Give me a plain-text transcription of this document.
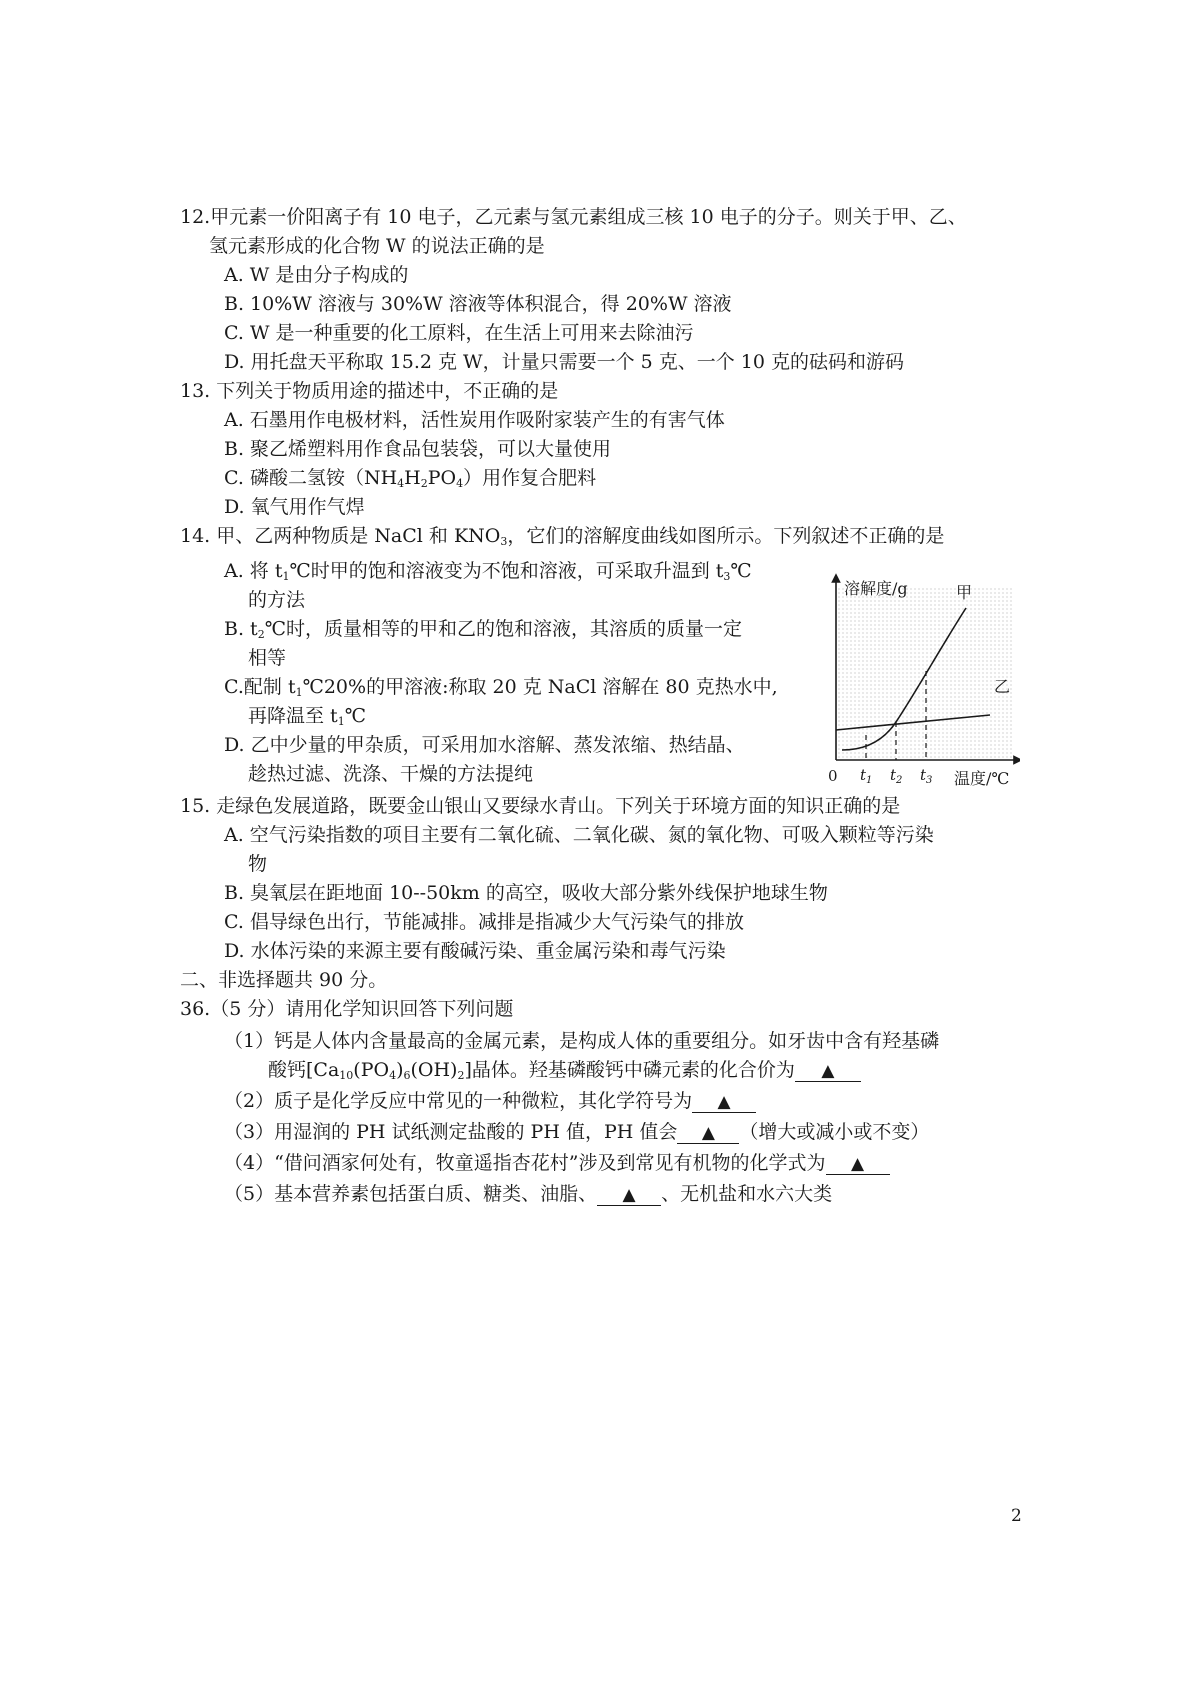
12.甲元素一价阳离子有 10 电子，乙元素与氢元素组成三核 10 电子的分子。则关于甲、乙、
氢元素形成的化合物 W 的说法正确的是
A. W 是由分子构成的
B. 10%W 溶液与 30%W 溶液等体积混合，得 20%W 溶液
C. W 是一种重要的化工原料，在生活上可用来去除油污
D. 用托盘天平称取 15.2 克 W，计量只需要一个 5 克、一个 10 克的砝码和游码
13. 下列关于物质用途的描述中，不正确的是
A. 石墨用作电极材料，活性炭用作吸附家装产生的有害气体
B. 聚乙烯塑料用作食品包装袋，可以大量使用
C. 磷酸二氢铵$(NH_4H_2PO_4)$用作复合肥料
D. 氧气用作气焊
14. 甲、乙两种物质是 NaCl 和 $KNO_3$，它们的溶解度曲线如图所示。下列叙述不正确的是
A. 将 $t_1℃$时甲的饱和溶液变为不饱和溶液，可采取升温到 $t_3℃$
的方法
B. $t_2℃$时，质量相等的甲和乙的饱和溶液，其溶质的质量一定
相等
C.配制 $t_1℃20\%$的甲溶液:称取 20 克 NaCl 溶解在 80 克热水中,
再降温至 $t_1℃$
D. 乙中少量的甲杂质，可采用加水溶解、蒸发浓缩、热结晶、
趁热过滤、洗涤、干燥的方法提纯
溶解度/g	甲
乙
0 $t_1$ $t_2$ $t_3$ 温度/℃
15. 走绿色发展道路，既要金山银山又要绿水青山。下列关于环境方面的知识正确的是
A. 空气污染指数的项目主要有二氧化硫、二氧化碳、氮的氧化物、可吸入颗粒等污染
物
B. 臭氧层在距地面 10--50km 的高空，吸收大部分紫外线保护地球生物
C. 倡导绿色出行，节能减排。减排是指减少大气污染气的排放
D. 水体污染的来源主要有酸碱污染、重金属污染和毒气污染
二、非选择题共 90 分。
36.（5 分）请用化学知识回答下列问题
（1）钙是人体内含量最高的金属元素，是构成人体的重要组分。如牙齿中含有羟基磷
酸钙$[Ca_{10}(PO_4)_6(OH)_2]$晶体。羟基磷酸钙中磷元素的化合价为 ▲
（2）质子是化学反应中常见的一种微粒，其化学符号为 ▲
（3）用湿润的 PH 试纸测定盐酸的 PH 值，PH 值会 ▲ （增大或减小或不变）
（4）“借问酒家何处有，牧童遥指杏花村”涉及到常见有机物的化学式为 ▲
（5）基本营养素包括蛋白质、糖类、油脂、 ▲ 、无机盐和水六大类
2
